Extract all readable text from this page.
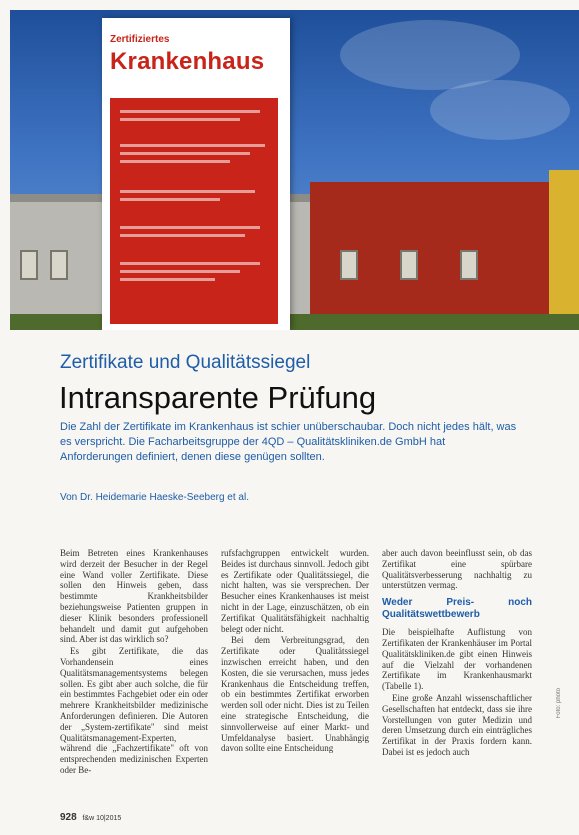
Zertifiziertes
Krankenhaus
Zertifikate und Qualitätssiegel
Intransparente Prüfung

Die Zahl der Zertifikate im Krankenhaus ist schier unüberschaubar. Doch nicht jedes hält, was es verspricht. Die Facharbeitsgruppe der 4QD – Qualitätskliniken.de GmbH hat Anforderungen definiert, denen diese genügen sollten.

Von Dr. Heidemarie Haeske-Seeberg et al.

Beim Betreten eines Krankenhauses wird derzeit der Besucher in der Regel eine Wand voller Zertifikate. Diese sollen den Hinweis geben, dass bestimmte Krankheitsbilder beziehungsweise Patienten gruppen in dieser Klinik besonders professionell behandelt und damit gut aufgehoben sind. Aber ist das wirklich so?

Es gibt Zertifikate, die das Vorhandensein eines Qualitätsmanagementsystems belegen sollen. Es gibt aber auch solche, die für ein bestimmtes Fachgebiet oder ein oder mehrere Krankheitsbilder medizinische Anforderungen definieren. Die Autoren der „System-zertifikate" sind meist Qualitätsmanagement-Experten, während die „Fachzertifikate" oft von entsprechenden medizinischen Experten oder Be-

rufsfachgruppen entwickelt wurden. Beides ist durchaus sinnvoll. Jedoch gibt es Zertifikate oder Qualitätssiegel, die nicht halten, was sie versprechen. Der Besucher eines Krankenhauses ist meist nicht in der Lage, einzuschätzen, ob ein Zertifikat Qualitätsfähigkeit nachhaltig belegt oder nicht.

Bei dem Verbreitungsgrad, den Zertifikate oder Qualitätssiegel inzwischen erreicht haben, und den Kosten, die sie verursachen, muss jedes Krankenhaus die Entscheidung treffen, ob ein bestimmtes Zertifikat erworben werden soll oder nicht. Dies ist zu Teilen eine strategische Entscheidung, die sinnvollerweise auf einer Markt- und Umfeldanalyse basiert. Unabhängig davon sollte eine Entscheidung

aber auch davon beeinflusst sein, ob das Zertifikat eine spürbare Qualitätsverbesserung nachhaltig zu unterstützen vermag.

Weder Preis- noch Qualitätswettbewerb

Die beispielhafte Auflistung von Zertifikaten der Krankenhäuser im Portal Qualitätskliniken.de gibt einen Hinweis auf die Vielzahl der vorhandenen Zertifikate im Krankenhausmarkt (Tabelle 1).

Eine große Anzahl wissenschaftlicher Gesellschaften hat entdeckt, dass sie ihre Vorstellungen von guter Medizin und deren Umsetzung durch ein einträgliches Zertifikat in der Praxis fordern kann. Dabei ist es jedoch auch

Foto: photo
928 f&w 10|2015
